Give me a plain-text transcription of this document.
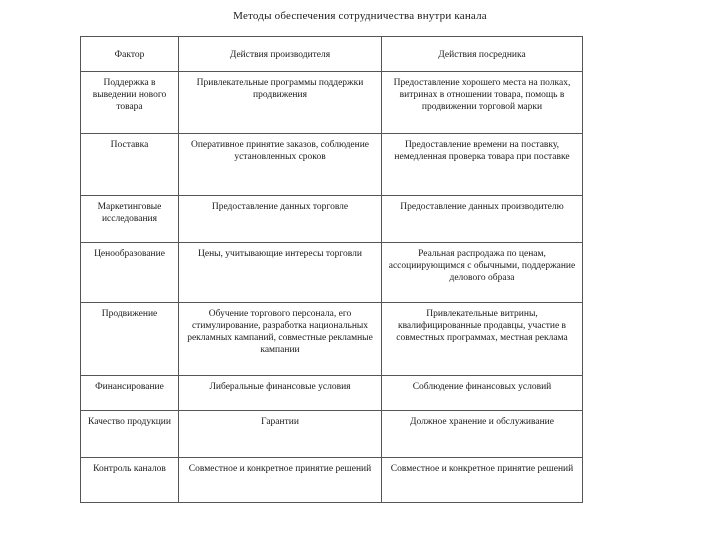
Методы обеспечения сотрудничества внутри канала
Фактор	Действия производителя	Действия посредника
Поддержка в выведении нового товара	Привлекательные программы поддержки продвижения	Предоставление хорошего места на полках, витринах в отношении товара, помощь в продвижении торговой марки
Поставка	Оперативное принятие заказов, соблюдение установленных сроков	Предоставление времени на поставку, немедленная проверка товара при поставке
Маркетинговые исследования	Предоставление данных торговле	Предоставление данных производителю
Ценообразование	Цены, учитывающие интересы торговли	Реальная распродажа по ценам, ассоциирующимся с обычными, поддержание делового образа
Продвижение	Обучение торгового персонала, его стимулирование, разработка национальных рекламных кампаний, совместные рекламные кампании	Привлекательные витрины, квалифицированные продавцы, участие в совместных программах, местная реклама
Финансирование	Либеральные финансовые условия	Соблюдение финансовых условий
Качество продукции	Гарантии	Должное хранение и обслуживание
Контроль каналов	Совместное и конкретное принятие решений	Совместное и конкретное принятие решений
